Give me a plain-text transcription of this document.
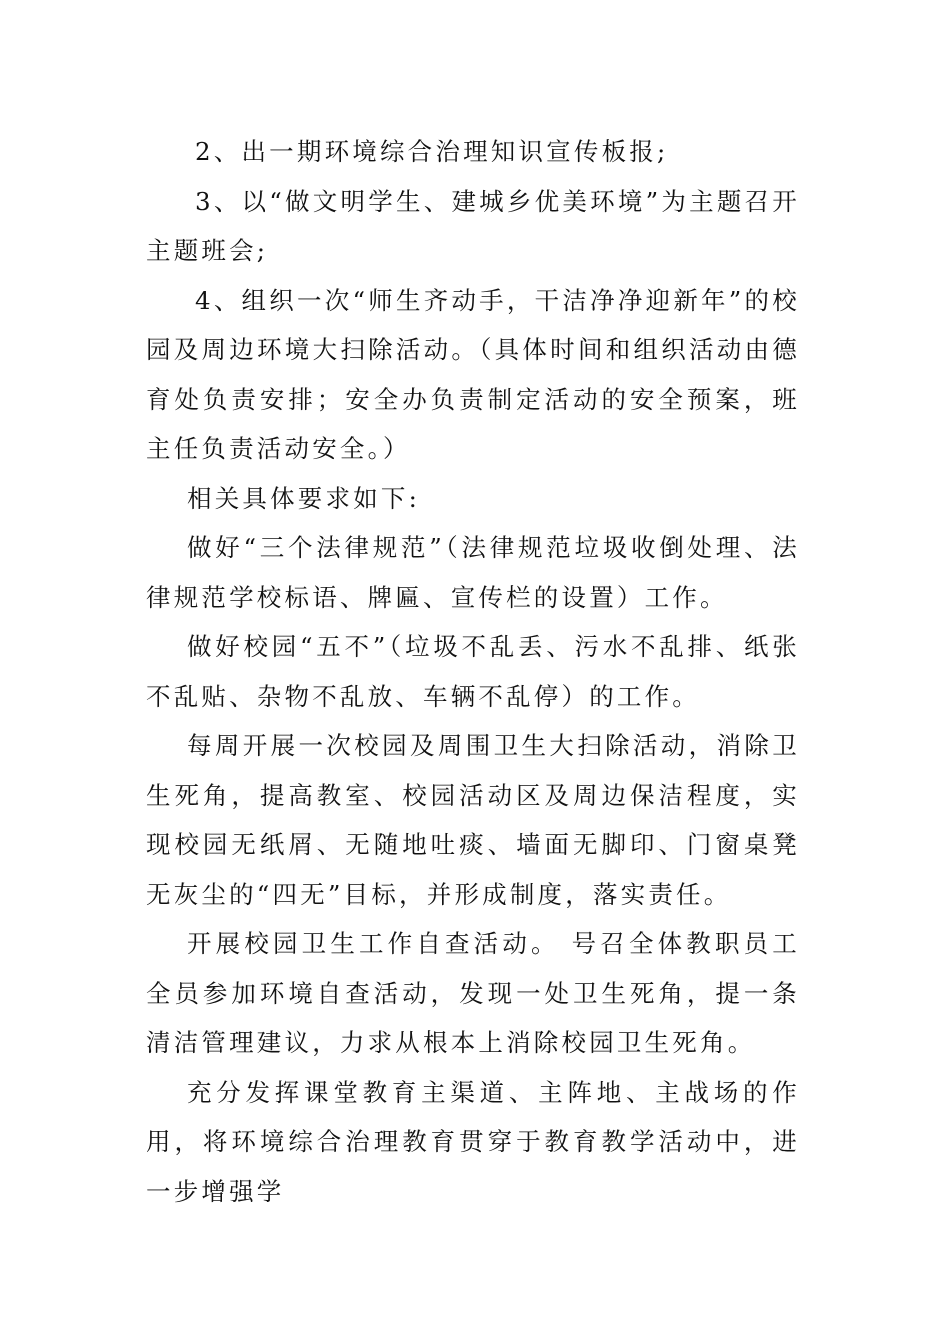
2、出一期环境综合治理知识宣传板报;

3、以“做文明学生、建城乡优美环境”为主题召开主题班会;

4、组织一次“师生齐动手，干洁净净迎新年”的校园及周边环境大扫除活动。（具体时间和组织活动由德育处负责安排；安全办负责制定活动的安全预案，班主任负责活动安全。）

相关具体要求如下:

做好“三个法律规范”（法律规范垃圾收倒处理、法律规范学校标语、牌匾、宣传栏的设置）工作。

做好校园“五不”（垃圾不乱丢、污水不乱排、纸张不乱贴、杂物不乱放、车辆不乱停）的工作。

每周开展一次校园及周围卫生大扫除活动，消除卫生死角，提高教室、校园活动区及周边保洁程度，实现校园无纸屑、无随地吐痰、墙面无脚印、门窗桌凳无灰尘的“四无”目标，并形成制度，落实责任。

开展校园卫生工作自查活动。 号召全体教职员工全员参加环境自查活动，发现一处卫生死角，提一条清洁管理建议，力求从根本上消除校园卫生死角。

充分发挥课堂教育主渠道、主阵地、主战场的作用，将环境综合治理教育贯穿于教育教学活动中，进一步增强学
